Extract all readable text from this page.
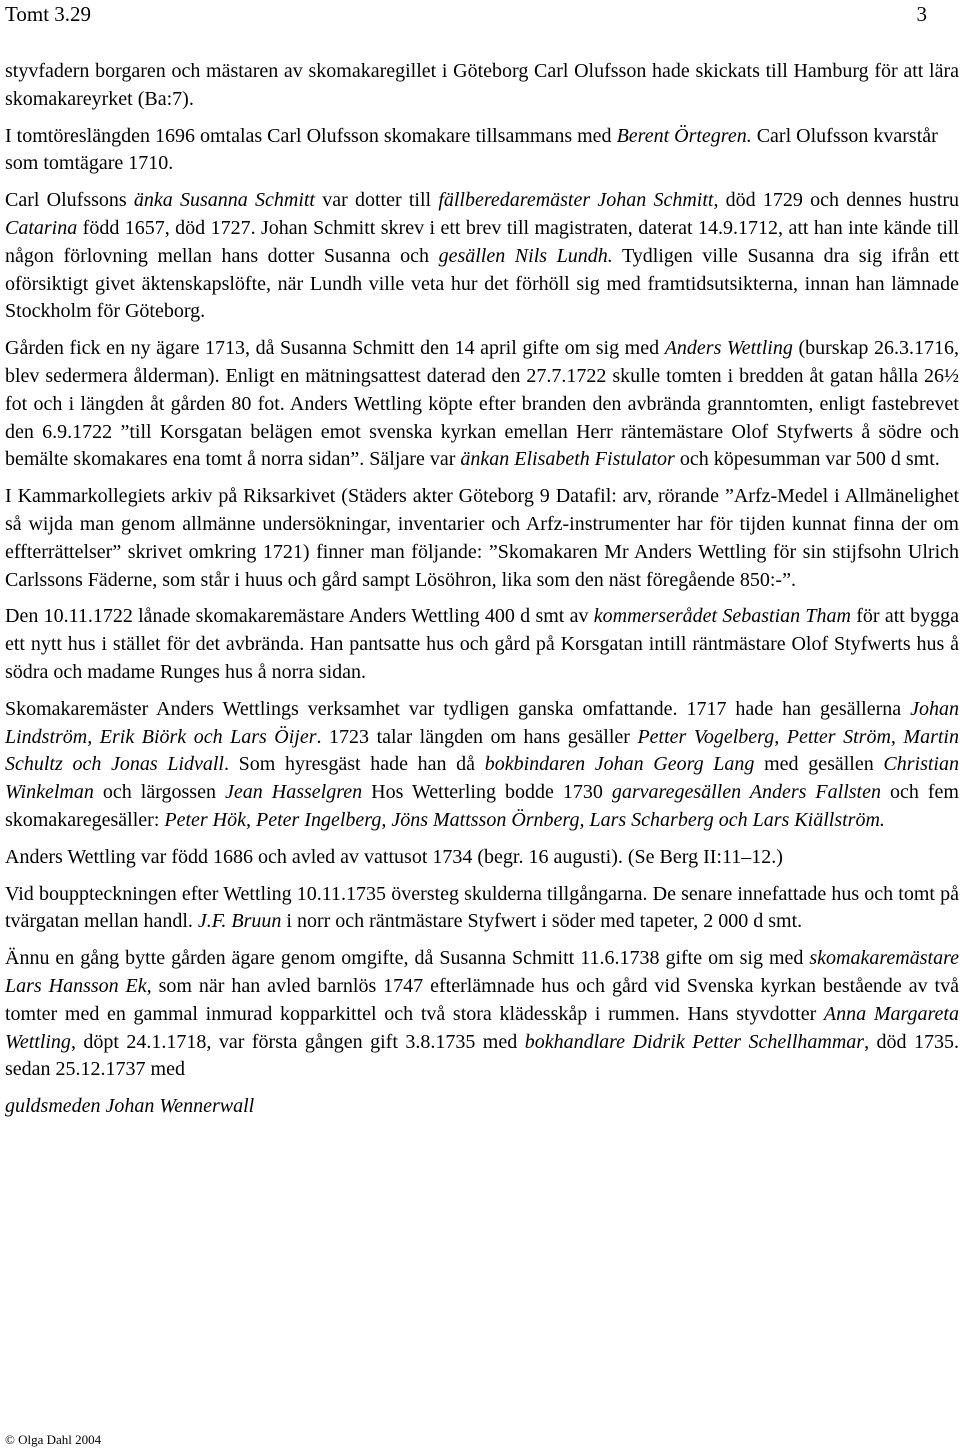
Tomt 3.29	3

styvfadern borgaren och mästaren av skomakaregillet i Göteborg Carl Olufsson hade skickats till Hamburg för att lära skomakareyrket (Ba:7).

I tomtöreslängden 1696 omtalas Carl Olufsson skomakare tillsammans med Berent Örtegren. Carl Olufsson kvarstår som tomtägare 1710.

Carl Olufssons änka Susanna Schmitt var dotter till fällberedaremäster Johan Schmitt, död 1729 och dennes hustru Catarina född 1657, död 1727. Johan Schmitt skrev i ett brev till magistraten, daterat 14.9.1712, att han inte kände till någon förlovning mellan hans dotter Susanna och gesällen Nils Lundh. Tydligen ville Susanna dra sig ifrån ett oförsiktigt givet äktenskapslöfte, när Lundh ville veta hur det förhöll sig med framtidsutsikterna, innan han lämnade Stockholm för Göteborg.

Gården fick en ny ägare 1713, då Susanna Schmitt den 14 april gifte om sig med Anders Wettling (burskap 26.3.1716, blev sedermera ålderman). Enligt en mätningsattest daterad den 27.7.1722 skulle tomten i bredden åt gatan hålla 26½ fot och i längden åt gården 80 fot. Anders Wettling köpte efter branden den avbrända granntomten, enligt fastebrevet den 6.9.1722 ”till Korsgatan belägen emot svenska kyrkan emellan Herr räntemästare Olof Styfwerts å södre och bemälte skomakares ena tomt å norra sidan”. Säljare var änkan Elisabeth Fistulator och köpesumman var 500 d smt.

I Kammarkollegiets arkiv på Riksarkivet (Städers akter Göteborg 9 Datafil: arv, rörande ”Arfz-Medel i Allmänelighet så wijda man genom allmänne undersökningar, inventarier och Arfz-instrumenter har för tijden kunnat finna der om effterrättelser” skrivet omkring 1721) finner man följande: ”Skomakaren Mr Anders Wettling för sin stijfsohn Ulrich Carlssons Fäderne, som står i huus och gård sampt Lösöhron, lika som den näst föregående 850:-”.

Den 10.11.1722 lånade skomakaremästare Anders Wettling 400 d smt av kommerserådet Sebastian Tham för att bygga ett nytt hus i stället för det avbrända. Han pantsatte hus och gård på Korsgatan intill räntmästare Olof Styfwerts hus å södra och madame Runges hus å norra sidan.

Skomakaremäster Anders Wettlings verksamhet var tydligen ganska omfattande. 1717 hade han gesällerna Johan Lindström, Erik Biörk och Lars Öijer. 1723 talar längden om hans gesäller Petter Vogelberg, Petter Ström, Martin Schultz och Jonas Lidvall. Som hyresgäst hade han då bokbindaren Johan Georg Lang med gesällen Christian Winkelman och lärgossen Jean Hasselgren Hos Wetterling bodde 1730 garvaregesällen Anders Fallsten och fem skomakaregesäller: Peter Hök, Peter Ingelberg, Jöns Mattsson Örnberg, Lars Scharberg och Lars Kiällström.

Anders Wettling var född 1686 och avled av vattusot 1734 (begr. 16 augusti). (Se Berg II:11–12.)

Vid bouppteckningen efter Wettling 10.11.1735 översteg skulderna tillgångarna. De senare innefattade hus och tomt på tvärgatan mellan handl. J.F. Bruun i norr och räntmästare Styfwert i söder med tapeter, 2 000 d smt.

Ännu en gång bytte gården ägare genom omgifte, då Susanna Schmitt 11.6.1738 gifte om sig med skomakaremästare Lars Hansson Ek, som när han avled barnlös 1747 efterlämnade hus och gård vid Svenska kyrkan bestående av två tomter med en gammal inmurad kopparkittel och två stora klädesskåp i rummen. Hans styvdotter Anna Margareta Wettling, döpt 24.1.1718, var första gången gift 3.8.1735 med bokhandlare Didrik Petter Schellhammar, död 1735. sedan 25.12.1737 med

guldsmeden Johan Wennerwall

© Olga Dahl 2004
